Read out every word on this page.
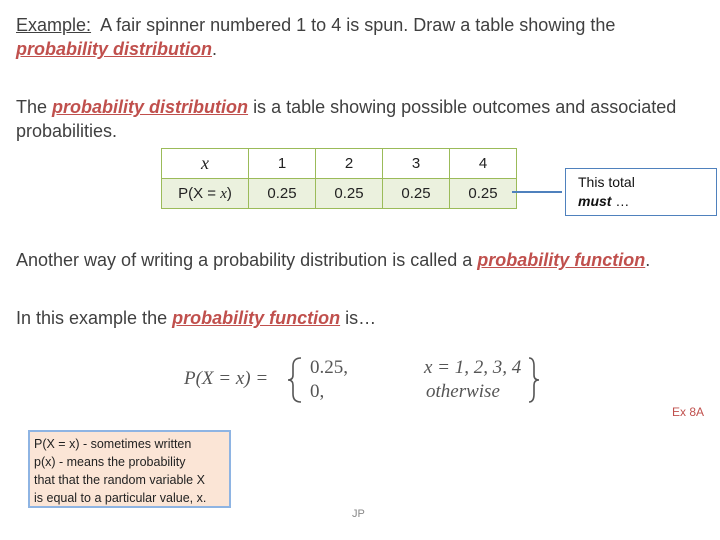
Example: A fair spinner numbered 1 to 4 is spun. Draw a table showing the
probability distribution.
The probability distribution is a table showing possible outcomes and associated
probabilities.
x	1	2	3	4
P(X = x)	0.25	0.25	0.25	0.25
This total
must …
Another way of writing a probability distribution is called a probability function.
In this example the probability function is…
P(X = x) =
0.25,
0,
x = 1, 2, 3, 4
otherwise
Ex 8A
P(X = x) - sometimes written
p(x) - means the probability
that that the random variable X
is equal to a particular value, x.
JP
